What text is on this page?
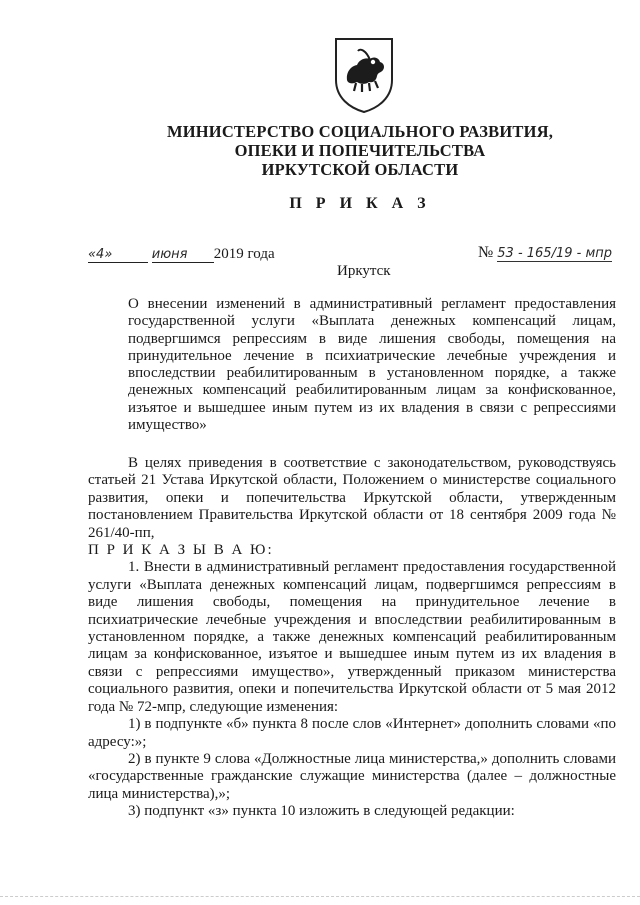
МИНИСТЕРСТВО СОЦИАЛЬНОГО РАЗВИТИЯ,
ОПЕКИ И ПОПЕЧИТЕЛЬСТВА
ИРКУТСКОЙ ОБЛАСТИ
П Р И К А З
«4»	июня 2019 года	№ 53 - 165/19 - мпр
Иркутск
О внесении изменений в административный регламент предоставления государственной услуги «Выплата денежных компенсаций лицам, подвергшимся репрессиям в виде лишения свободы, помещения на принудительное лечение в психиатрические лечебные учреждения и впоследствии реабилитированным в установленном порядке, а также денежных компенсаций реабилитированным лицам за конфискованное, изъятое и вышедшее иным путем из их владения в связи с репрессиями имущество»

В целях приведения в соответствие с законодательством, руководствуясь статьей 21 Устава Иркутской области, Положением о министерстве социального развития, опеки и попечительства Иркутской области, утвержденным постановлением Правительства Иркутской области от 18 сентября 2009 года № 261/40-пп,

П Р И К А З Ы В А Ю:

1. Внести в административный регламент предоставления государственной услуги «Выплата денежных компенсаций лицам, подвергшимся репрессиям в виде лишения свободы, помещения на принудительное лечение в психиатрические лечебные учреждения и впоследствии реабилитированным в установленном порядке, а также денежных компенсаций реабилитированным лицам за конфискованное, изъятое и вышедшее иным путем из их владения в связи с репрессиями имущество», утвержденный приказом министерства социального развития, опеки и попечительства Иркутской области от 5 мая 2012 года № 72-мпр, следующие изменения:

1) в подпункте «б» пункта 8 после слов «Интернет» дополнить словами «по адресу:»;

2) в пункте 9 слова «Должностные лица министерства,» дополнить словами «государственные гражданские служащие министерства (далее – должностные лица министерства),»;

3) подпункт «з» пункта 10 изложить в следующей редакции:
